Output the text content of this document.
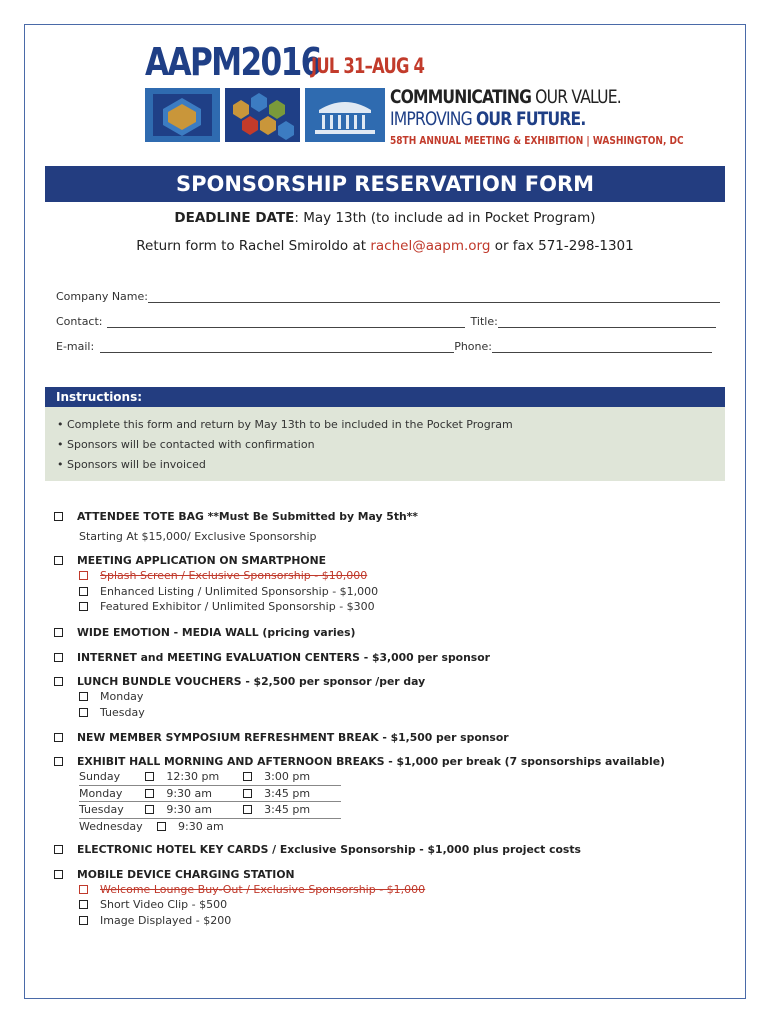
AAPM2016
JUL 31–AUG 4
COMMUNICATING OUR VALUE.
IMPROVING OUR FUTURE.
58TH ANNUAL MEETING & EXHIBITION | WASHINGTON, DC
SPONSORSHIP RESERVATION FORM
DEADLINE DATE: May 13th (to include ad in Pocket Program)
Return form to Rachel Smiroldo at rachel@aapm.org or fax 571-298-1301
Company Name:
Contact:	Title:
E-mail:	Phone:
Instructions:
• Complete this form and return by May 13th to be included in the Pocket Program
• Sponsors will be contacted with confirmation
• Sponsors will be invoiced
ATTENDEE TOTE BAG **Must Be Submitted by May 5th**
Starting At $15,000/ Exclusive Sponsorship
MEETING APPLICATION ON SMARTPHONE
Splash Screen / Exclusive Sponsorship - $10,000
Enhanced Listing / Unlimited Sponsorship - $1,000
Featured Exhibitor / Unlimited Sponsorship - $300
WIDE EMOTION - MEDIA WALL (pricing varies)
INTERNET and MEETING EVALUATION CENTERS - $3,000 per sponsor
LUNCH BUNDLE VOUCHERS - $2,500 per sponsor /per day
Monday
Tuesday
NEW MEMBER SYMPOSIUM REFRESHMENT BREAK - $1,500 per sponsor
EXHIBIT HALL MORNING AND AFTERNOON BREAKS - $1,000 per break (7 sponsorships available)
Sunday	12:30 pm	3:00 pm
Monday	9:30 am	3:45 pm
Tuesday	9:30 am	3:45 pm
Wednesday	9:30 am
ELECTRONIC HOTEL KEY CARDS / Exclusive Sponsorship - $1,000 plus project costs
MOBILE DEVICE CHARGING STATION
Welcome Lounge Buy-Out / Exclusive Sponsorship - $1,000
Short Video Clip - $500
Image Displayed - $200
